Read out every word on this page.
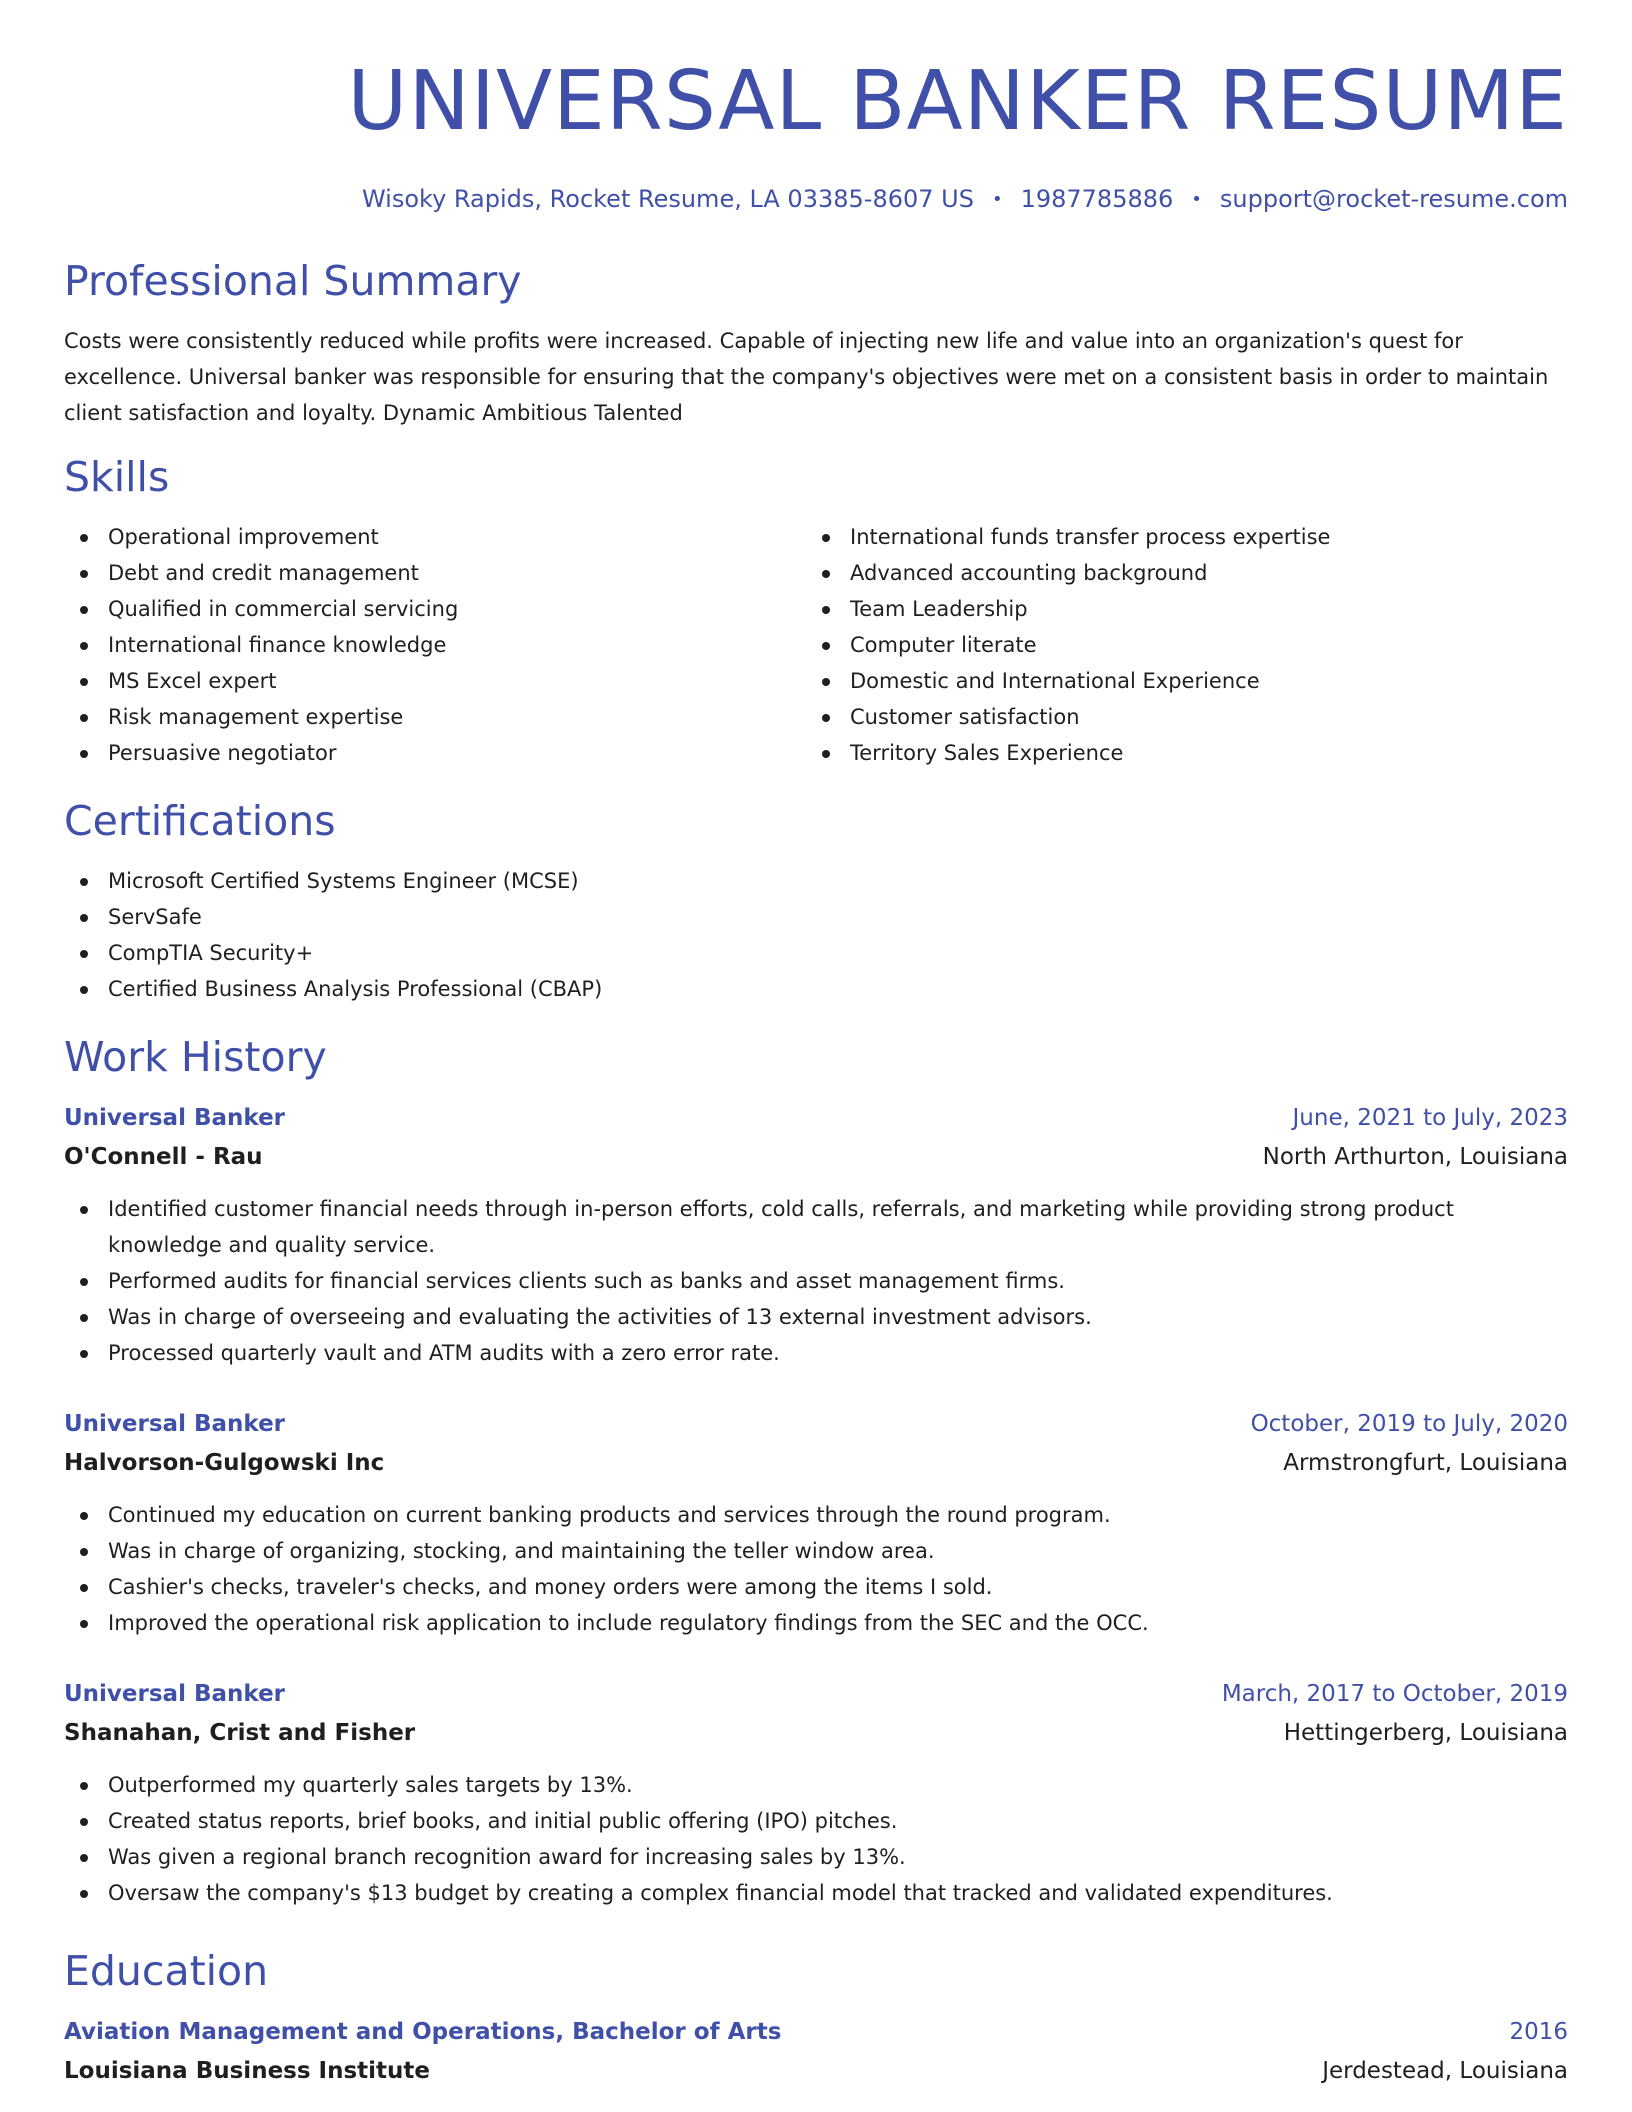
UNIVERSAL BANKER RESUME
Wisoky Rapids, Rocket Resume, LA 03385-8607 US • 1987785886 • support@rocket-resume.com
Professional Summary

Costs were consistently reduced while profits were increased. Capable of injecting new life and value into an organization's quest for excellence. Universal banker was responsible for ensuring that the company's objectives were met on a consistent basis in order to maintain client satisfaction and loyalty. Dynamic Ambitious Talented

Skills
Operational improvement
Debt and credit management
Qualified in commercial servicing
International finance knowledge
MS Excel expert
Risk management expertise
Persuasive negotiator
International funds transfer process expertise
Advanced accounting background
Team Leadership
Computer literate
Domestic and International Experience
Customer satisfaction
Territory Sales Experience
Certifications
Microsoft Certified Systems Engineer (MCSE)
ServSafe
CompTIA Security+
Certified Business Analysis Professional (CBAP)
Work History
Universal Banker	June, 2021 to July, 2023
O'Connell - Rau	North Arthurton, Louisiana
Identified customer financial needs through in-person efforts, cold calls, referrals, and marketing while providing strong product knowledge and quality service.
Performed audits for financial services clients such as banks and asset management firms.
Was in charge of overseeing and evaluating the activities of 13 external investment advisors.
Processed quarterly vault and ATM audits with a zero error rate.
Universal Banker	October, 2019 to July, 2020
Halvorson-Gulgowski Inc	Armstrongfurt, Louisiana
Continued my education on current banking products and services through the round program.
Was in charge of organizing, stocking, and maintaining the teller window area.
Cashier's checks, traveler's checks, and money orders were among the items I sold.
Improved the operational risk application to include regulatory findings from the SEC and the OCC.
Universal Banker	March, 2017 to October, 2019
Shanahan, Crist and Fisher	Hettingerberg, Louisiana
Outperformed my quarterly sales targets by 13%.
Created status reports, brief books, and initial public offering (IPO) pitches.
Was given a regional branch recognition award for increasing sales by 13%.
Oversaw the company's $13 budget by creating a complex financial model that tracked and validated expenditures.
Education
Aviation Management and Operations, Bachelor of Arts	2016
Louisiana Business Institute	Jerdestead, Louisiana
